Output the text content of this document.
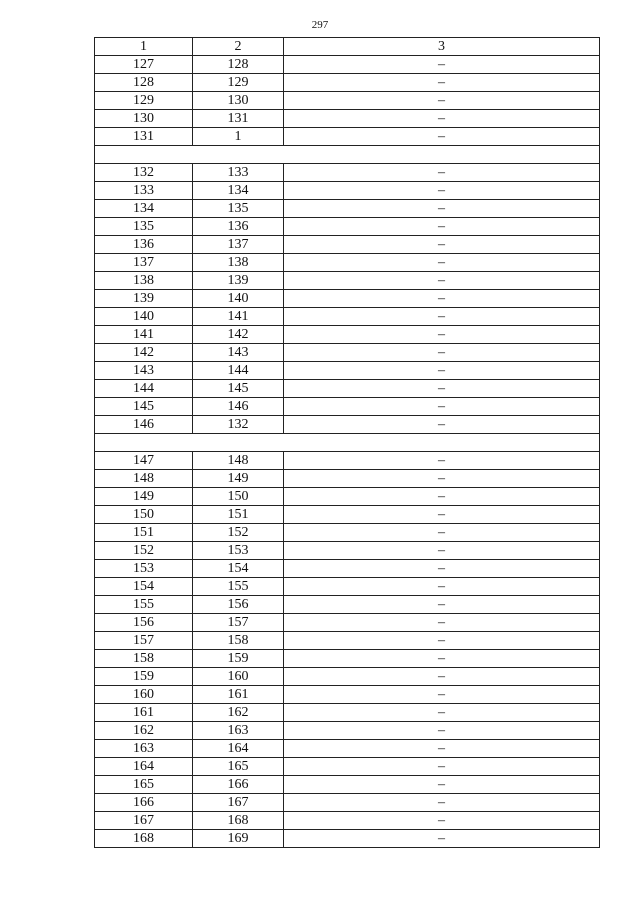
297
1	2	3
127	128	–
128	129	–
129	130	–
130	131	–
131	1	–

132	133	–
133	134	–
134	135	–
135	136	–
136	137	–
137	138	–
138	139	–
139	140	–
140	141	–
141	142	–
142	143	–
143	144	–
144	145	–
145	146	–
146	132	–

147	148	–
148	149	–
149	150	–
150	151	–
151	152	–
152	153	–
153	154	–
154	155	–
155	156	–
156	157	–
157	158	–
158	159	–
159	160	–
160	161	–
161	162	–
162	163	–
163	164	–
164	165	–
165	166	–
166	167	–
167	168	–
168	169	–
